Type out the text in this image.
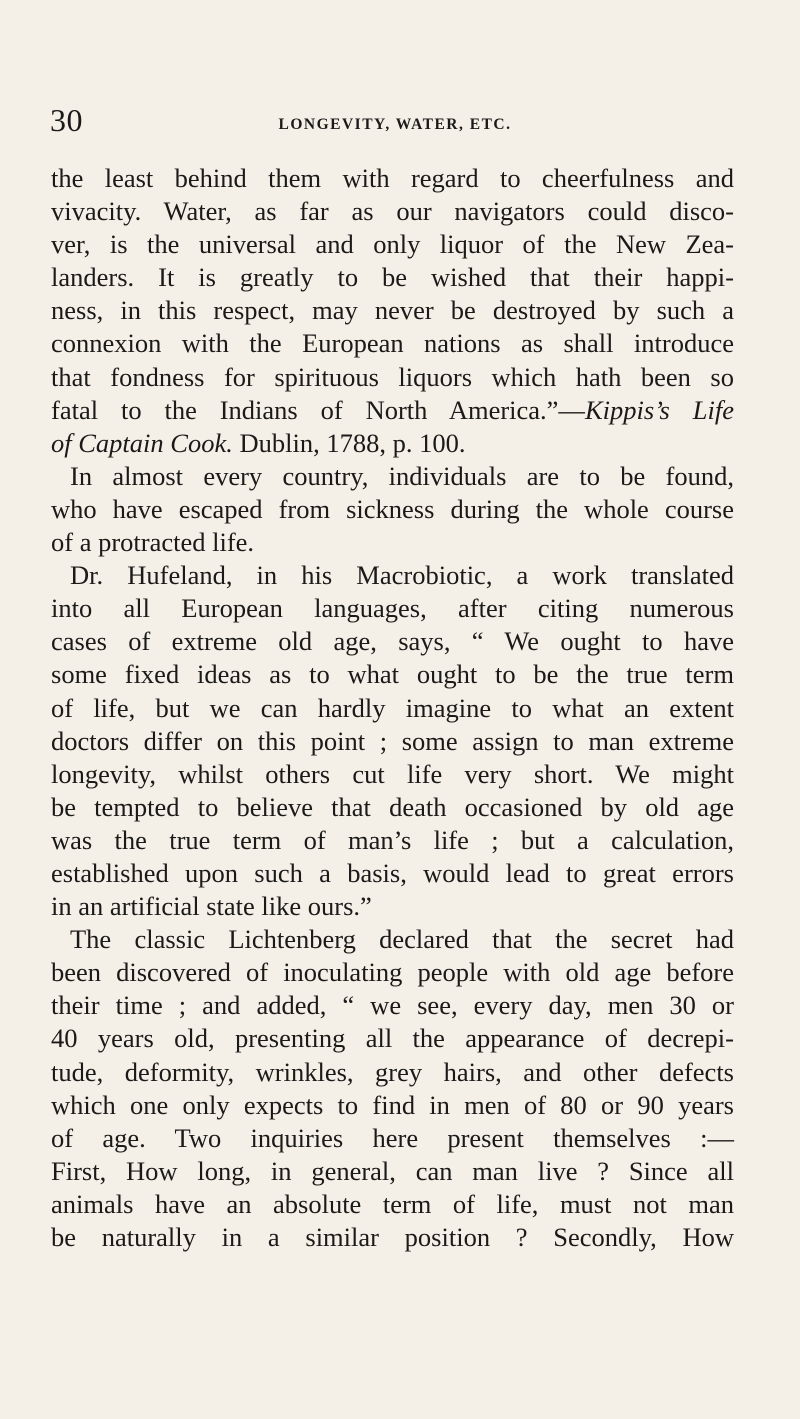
30	LONGEVITY, WATER, ETC.
the least behind them with regard to cheerfulness and
vivacity. Water, as far as our navigators could disco-
ver, is the universal and only liquor of the New Zea-
landers. It is greatly to be wished that their happi-
ness, in this respect, may never be destroyed by such a
connexion with the European nations as shall introduce
that fondness for spirituous liquors which hath been so
fatal to the Indians of North America.”—Kippis’s Life
of Captain Cook. Dublin, 1788, p. 100.
In almost every country, individuals are to be found,
who have escaped from sickness during the whole course
of a protracted life.
Dr. Hufeland, in his Macrobiotic, a work translated
into all European languages, after citing numerous
cases of extreme old age, says, “ We ought to have
some fixed ideas as to what ought to be the true term
of life, but we can hardly imagine to what an extent
doctors differ on this point ; some assign to man extreme
longevity, whilst others cut life very short. We might
be tempted to believe that death occasioned by old age
was the true term of man’s life ; but a calculation,
established upon such a basis, would lead to great errors
in an artificial state like ours.”
The classic Lichtenberg declared that the secret had
been discovered of inoculating people with old age before
their time ; and added, “ we see, every day, men 30 or
40 years old, presenting all the appearance of decrepi-
tude, deformity, wrinkles, grey hairs, and other defects
which one only expects to find in men of 80 or 90 years
of age. Two inquiries here present themselves :—
First, How long, in general, can man live ? Since all
animals have an absolute term of life, must not man
be naturally in a similar position ? Secondly, How
